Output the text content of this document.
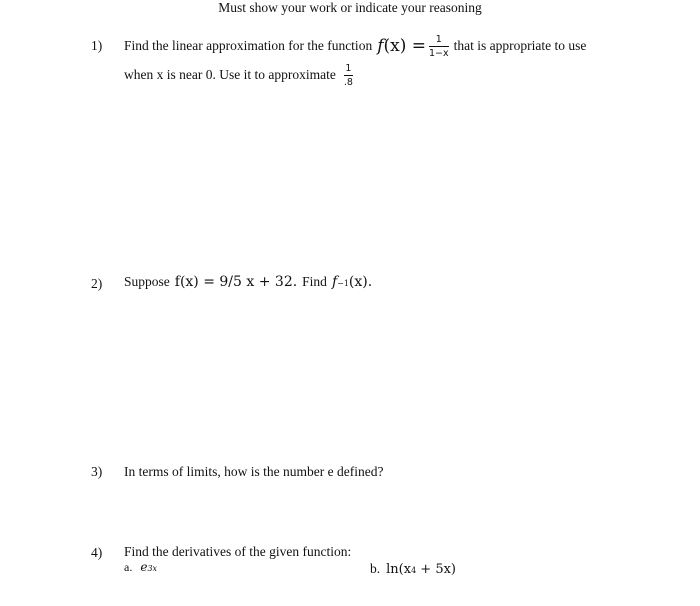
Must show your work or indicate your reasoning
1) Find the linear approximation for the function f $(x) = \frac{1}{1-x}$ that is appropriate to use
when x is near 0. Use it to approximate $\frac{1}{.8}$
2) Suppose f(x) = 9/5 x + 32. Find f −1 (x).
3) In terms of limits, how is the number e defined?
4) Find the derivatives of the given function:
a. e 3x	b. ln(x 4 + 5x)
